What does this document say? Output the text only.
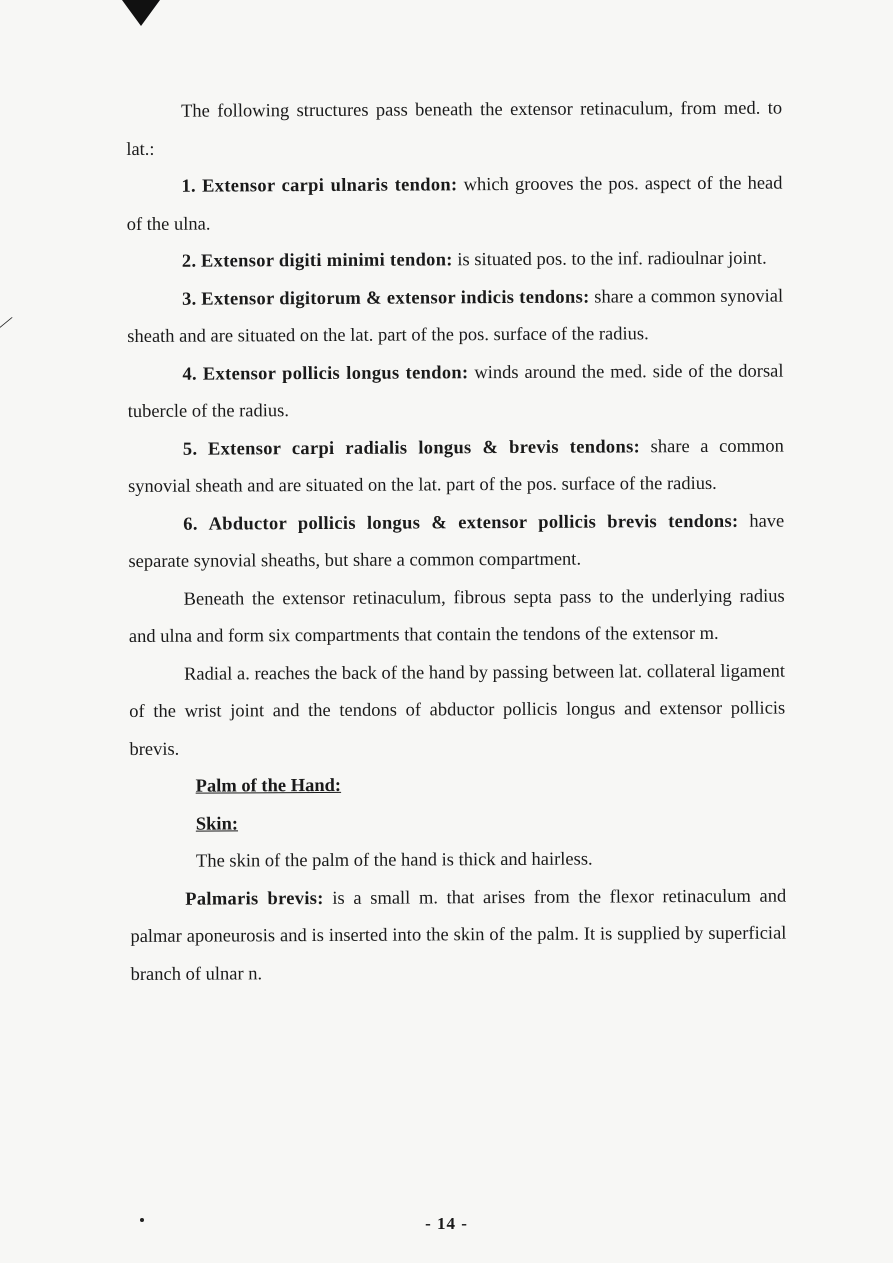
⁄

The following structures pass beneath the extensor retinaculum, from med. to lat.:

1. Extensor carpi ulnaris tendon: which grooves the pos. aspect of the head of the ulna.

2. Extensor digiti minimi tendon: is situated pos. to the inf. radioulnar joint.

3. Extensor digitorum & extensor indicis tendons: share a common synovial sheath and are situated on the lat. part of the pos. surface of the radius.

4. Extensor pollicis longus tendon: winds around the med. side of the dorsal tubercle of the radius.

5. Extensor carpi radialis longus & brevis tendons: share a common synovial sheath and are situated on the lat. part of the pos. surface of the radius.

6. Abductor pollicis longus & extensor pollicis brevis tendons: have separate synovial sheaths, but share a common compartment.

Beneath the extensor retinaculum, fibrous septa pass to the underlying radius and ulna and form six compartments that contain the tendons of the extensor m.

Radial a. reaches the back of the hand by passing between lat. collateral ligament of the wrist joint and the tendons of abductor pollicis longus and extensor pollicis brevis.

Palm of the Hand:

Skin:

The skin of the palm of the hand is thick and hairless.

Palmaris brevis: is a small m. that arises from the flexor retinaculum and palmar aponeurosis and is inserted into the skin of the palm. It is supplied by superficial branch of ulnar n.

- 14 -
